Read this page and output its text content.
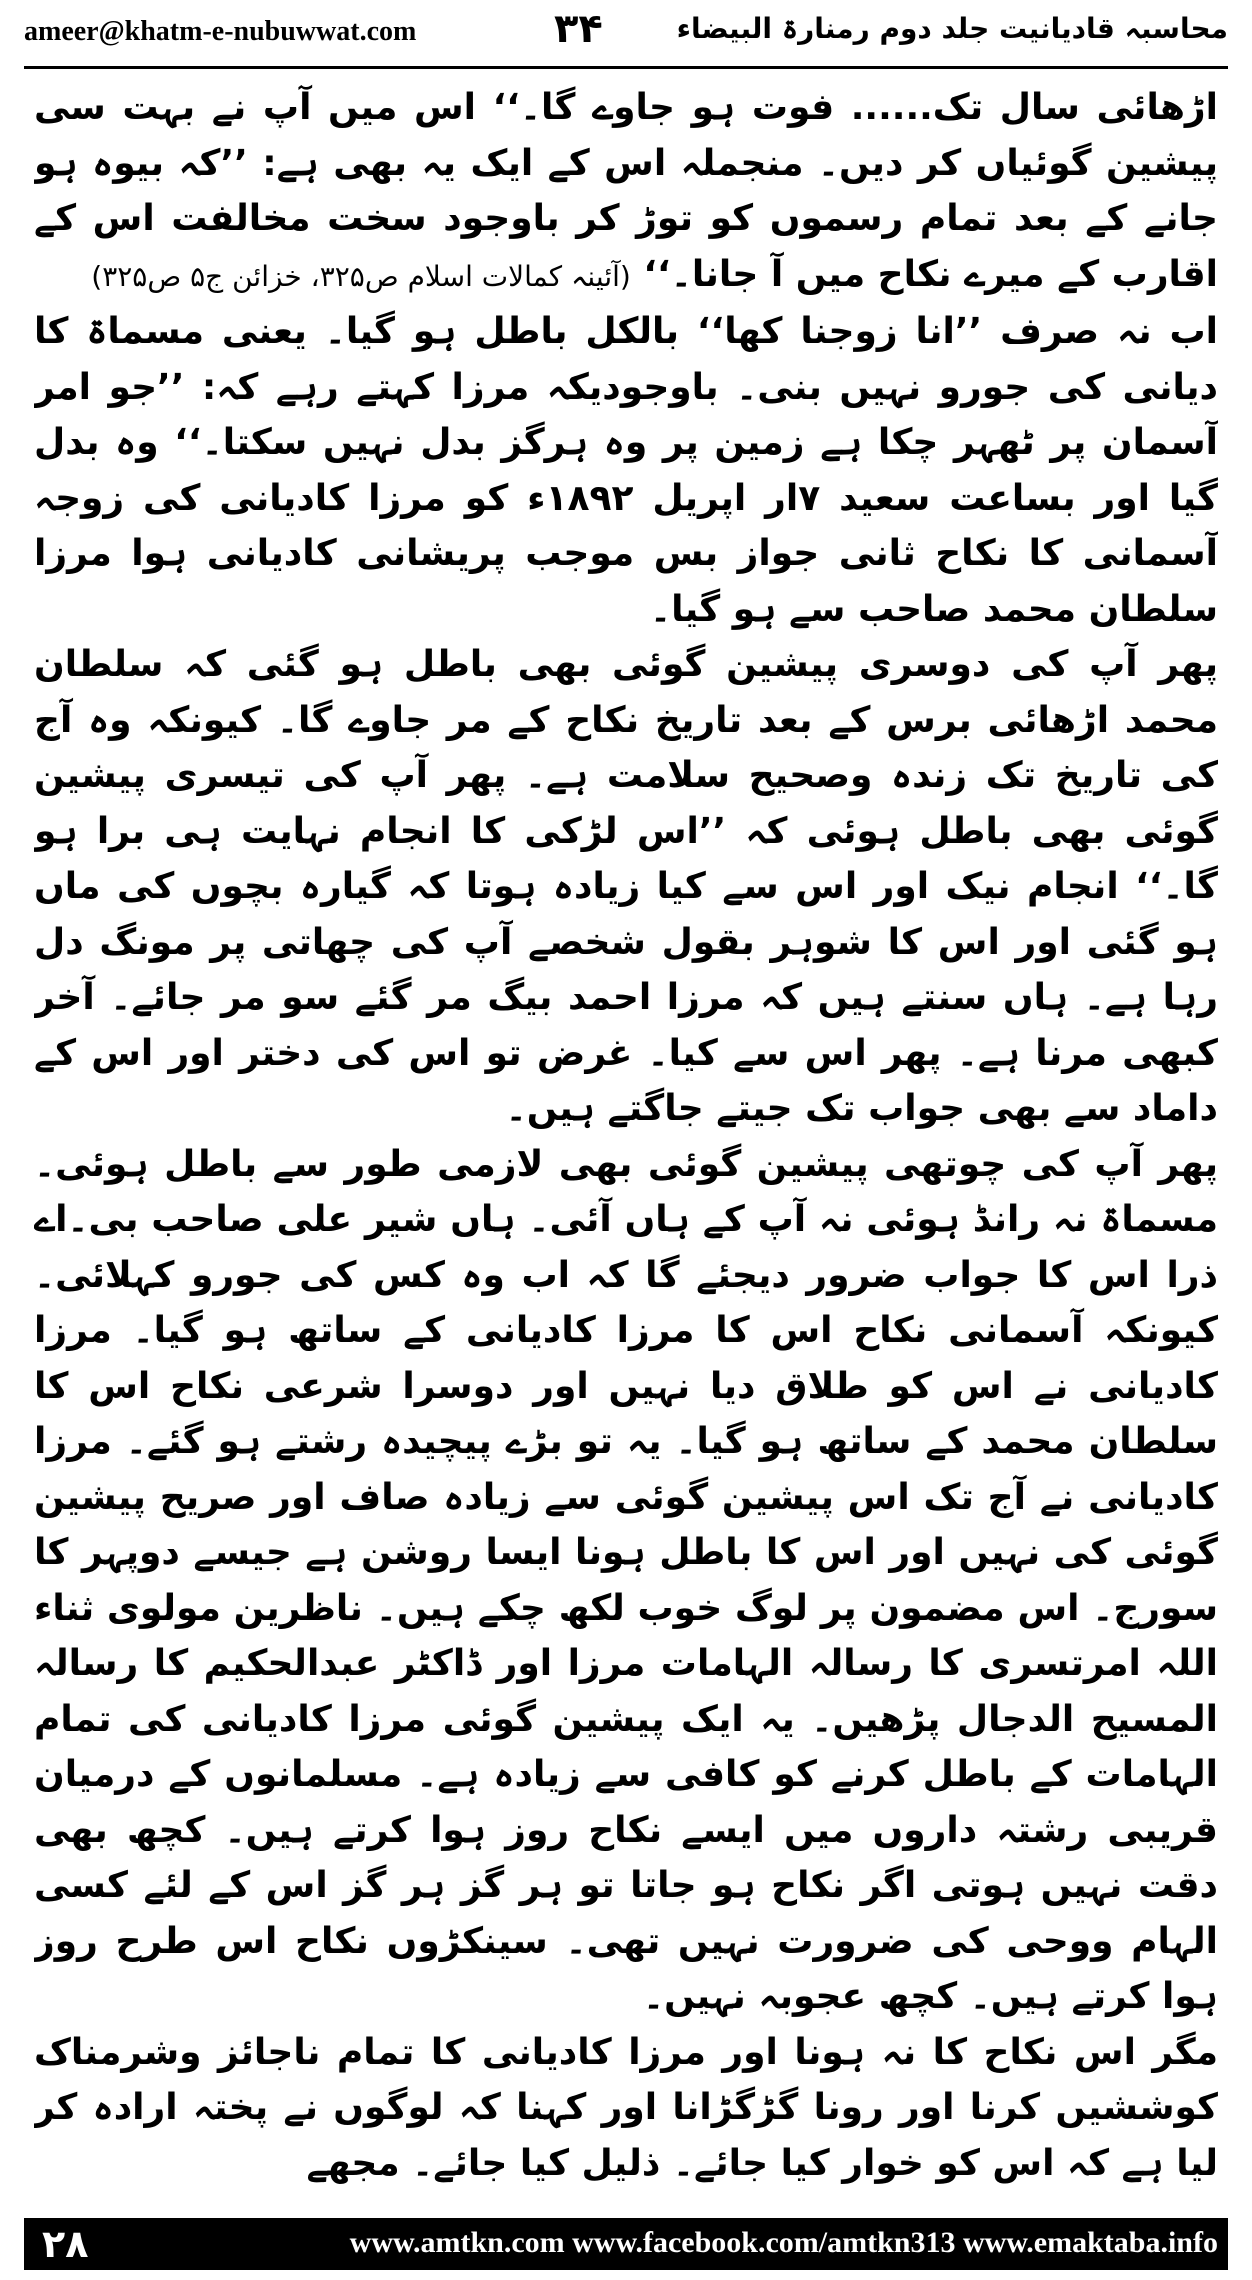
ameer@khatm-e-nubuwwat.com	۳۴	محاسبہ قادیانیت جلد دوم رمنارۃ البیضاء

اڑھائی سال تک...... فوت ہو جاوے گا۔‘‘ اس میں آپ نے بہت سی پیشین گوئیاں کر دیں۔ منجملہ اس کے ایک یہ بھی ہے: ’’کہ بیوہ ہو جانے کے بعد تمام رسموں کو توڑ کر باوجود سخت مخالفت اس کے اقارب کے میرے نکاح میں آ جانا۔‘‘ (آئینہ کمالات اسلام ص۳۲۵، خزائن ج۵ ص۳۲۵)

اب نہ صرف ’’انا زوجنا کھا‘‘ بالکل باطل ہو گیا۔ یعنی مسماۃ کا دیانی کی جورو نہیں بنی۔ باوجودیکہ مرزا کہتے رہے کہ: ’’جو امر آسمان پر ٹھہر چکا ہے زمین پر وہ ہرگز بدل نہیں سکتا۔‘‘ وہ بدل گیا اور بساعت سعید ۷ار اپریل ۱۸۹۲ء کو مرزا کادیانی کی زوجہ آسمانی کا نکاح ثانی جواز بس موجب پریشانی کادیانی ہوا مرزا سلطان محمد صاحب سے ہو گیا۔

پھر آپ کی دوسری پیشین گوئی بھی باطل ہو گئی کہ سلطان محمد اڑھائی برس کے بعد تاریخ نکاح کے مر جاوے گا۔ کیونکہ وہ آج کی تاریخ تک زندہ وصحیح سلامت ہے۔ پھر آپ کی تیسری پیشین گوئی بھی باطل ہوئی کہ ’’اس لڑکی کا انجام نہایت ہی برا ہو گا۔‘‘ انجام نیک اور اس سے کیا زیادہ ہوتا کہ گیارہ بچوں کی ماں ہو گئی اور اس کا شوہر بقول شخصے آپ کی چھاتی پر مونگ دل رہا ہے۔ ہاں سنتے ہیں کہ مرزا احمد بیگ مر گئے سو مر جائے۔ آخر کبھی مرنا ہے۔ پھر اس سے کیا۔ غرض تو اس کی دختر اور اس کے داماد سے بھی جواب تک جیتے جاگتے ہیں۔

پھر آپ کی چوتھی پیشین گوئی بھی لازمی طور سے باطل ہوئی۔ مسماۃ نہ رانڈ ہوئی نہ آپ کے ہاں آئی۔ ہاں شیر علی صاحب بی۔اے ذرا اس کا جواب ضرور دیجئے گا کہ اب وہ کس کی جورو کہلائی۔ کیونکہ آسمانی نکاح اس کا مرزا کادیانی کے ساتھ ہو گیا۔ مرزا کادیانی نے اس کو طلاق دیا نہیں اور دوسرا شرعی نکاح اس کا سلطان محمد کے ساتھ ہو گیا۔ یہ تو بڑے پیچیدہ رشتے ہو گئے۔ مرزا کادیانی نے آج تک اس پیشین گوئی سے زیادہ صاف اور صریح پیشین گوئی کی نہیں اور اس کا باطل ہونا ایسا روشن ہے جیسے دوپہر کا سورج۔ اس مضمون پر لوگ خوب لکھ چکے ہیں۔ ناظرین مولوی ثناء اللہ امرتسری کا رسالہ الہامات مرزا اور ڈاکٹر عبدالحکیم کا رسالہ المسیح الدجال پڑھیں۔ یہ ایک پیشین گوئی مرزا کادیانی کی تمام الہامات کے باطل کرنے کو کافی سے زیادہ ہے۔ مسلمانوں کے درمیان قریبی رشتہ داروں میں ایسے نکاح روز ہوا کرتے ہیں۔ کچھ بھی دقت نہیں ہوتی اگر نکاح ہو جاتا تو ہر گز ہر گز اس کے لئے کسی الہام ووحی کی ضرورت نہیں تھی۔ سینکڑوں نکاح اس طرح روز ہوا کرتے ہیں۔ کچھ عجوبہ نہیں۔

مگر اس نکاح کا نہ ہونا اور مرزا کادیانی کا تمام ناجائز وشرمناک کوششیں کرنا اور رونا گڑگڑانا اور کہنا کہ لوگوں نے پختہ ارادہ کر لیا ہے کہ اس کو خوار کیا جائے۔ ذلیل کیا جائے۔ مجھے

۲۸	www.amtkn.com www.facebook.com/amtkn313 www.emaktaba.info
